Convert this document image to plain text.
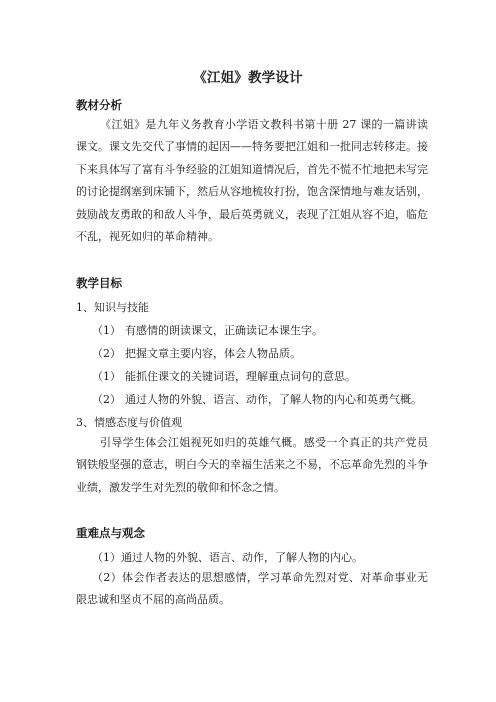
《江姐》教学设计
教材分析

《江姐》是九年义务教育小学语文教科书第十册 27 课的一篇讲读课文。课文先交代了事情的起因——特务要把江姐和一批同志转移走。接下来具体写了富有斗争经验的江姐知道情况后，首先不慌不忙地把未写完的讨论提纲塞到床铺下，然后从容地梳妆打扮，饱含深情地与难友话别，鼓励战友勇敢的和敌人斗争，最后英勇就义，表现了江姐从容不迫，临危不乱，视死如归的革命精神。

教学目标
1、知识与技能
（1） 有感情的朗读课文，正确读记本课生字。
（2） 把握文章主要内容，体会人物品质。
（1） 能抓住课文的关键词语，理解重点词句的意思。
（2） 通过人物的外貌、语言、动作，了解人物的内心和英勇气概。
3、情感态度与价值观

引导学生体会江姐视死如归的英雄气概。感受一个真正的共产党员钢铁般坚强的意志，明白今天的幸福生活来之不易，不忘革命先烈的斗争业绩，激发学生对先烈的敬仰和怀念之情。

重难点与观念
（1）通过人物的外貌、语言、动作，了解人物的内心。

（2）体会作者表达的思想感情，学习革命先烈对党、对革命事业无限忠诚和坚贞不屈的高尚品质。
